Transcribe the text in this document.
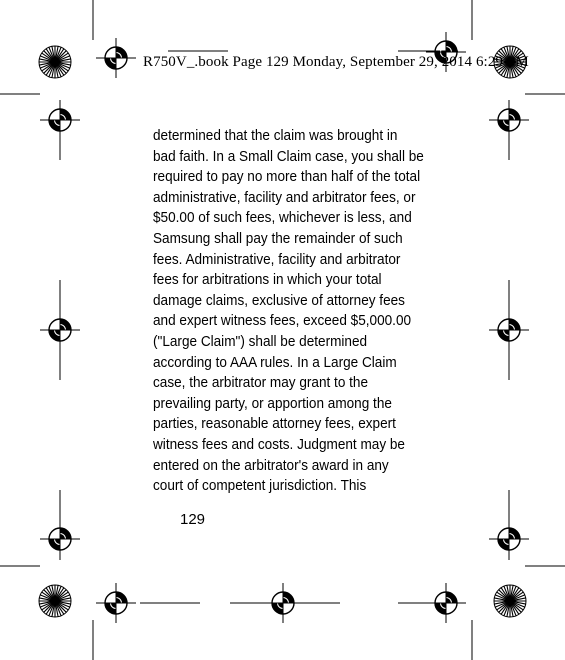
R750V_.book Page 129 Monday, September 29, 2014 6:29 PM
determined that the claim was brought in
bad faith. In a Small Claim case, you shall be
required to pay no more than half of the total
administrative, facility and arbitrator fees, or
$50.00 of such fees, whichever is less, and
Samsung shall pay the remainder of such
fees. Administrative, facility and arbitrator
fees for arbitrations in which your total
damage claims, exclusive of attorney fees
and expert witness fees, exceed $5,000.00
("Large Claim") shall be determined
according to AAA rules. In a Large Claim
case, the arbitrator may grant to the
prevailing party, or apportion among the
parties, reasonable attorney fees, expert
witness fees and costs. Judgment may be
entered on the arbitrator's award in any
court of competent jurisdiction. This
129
